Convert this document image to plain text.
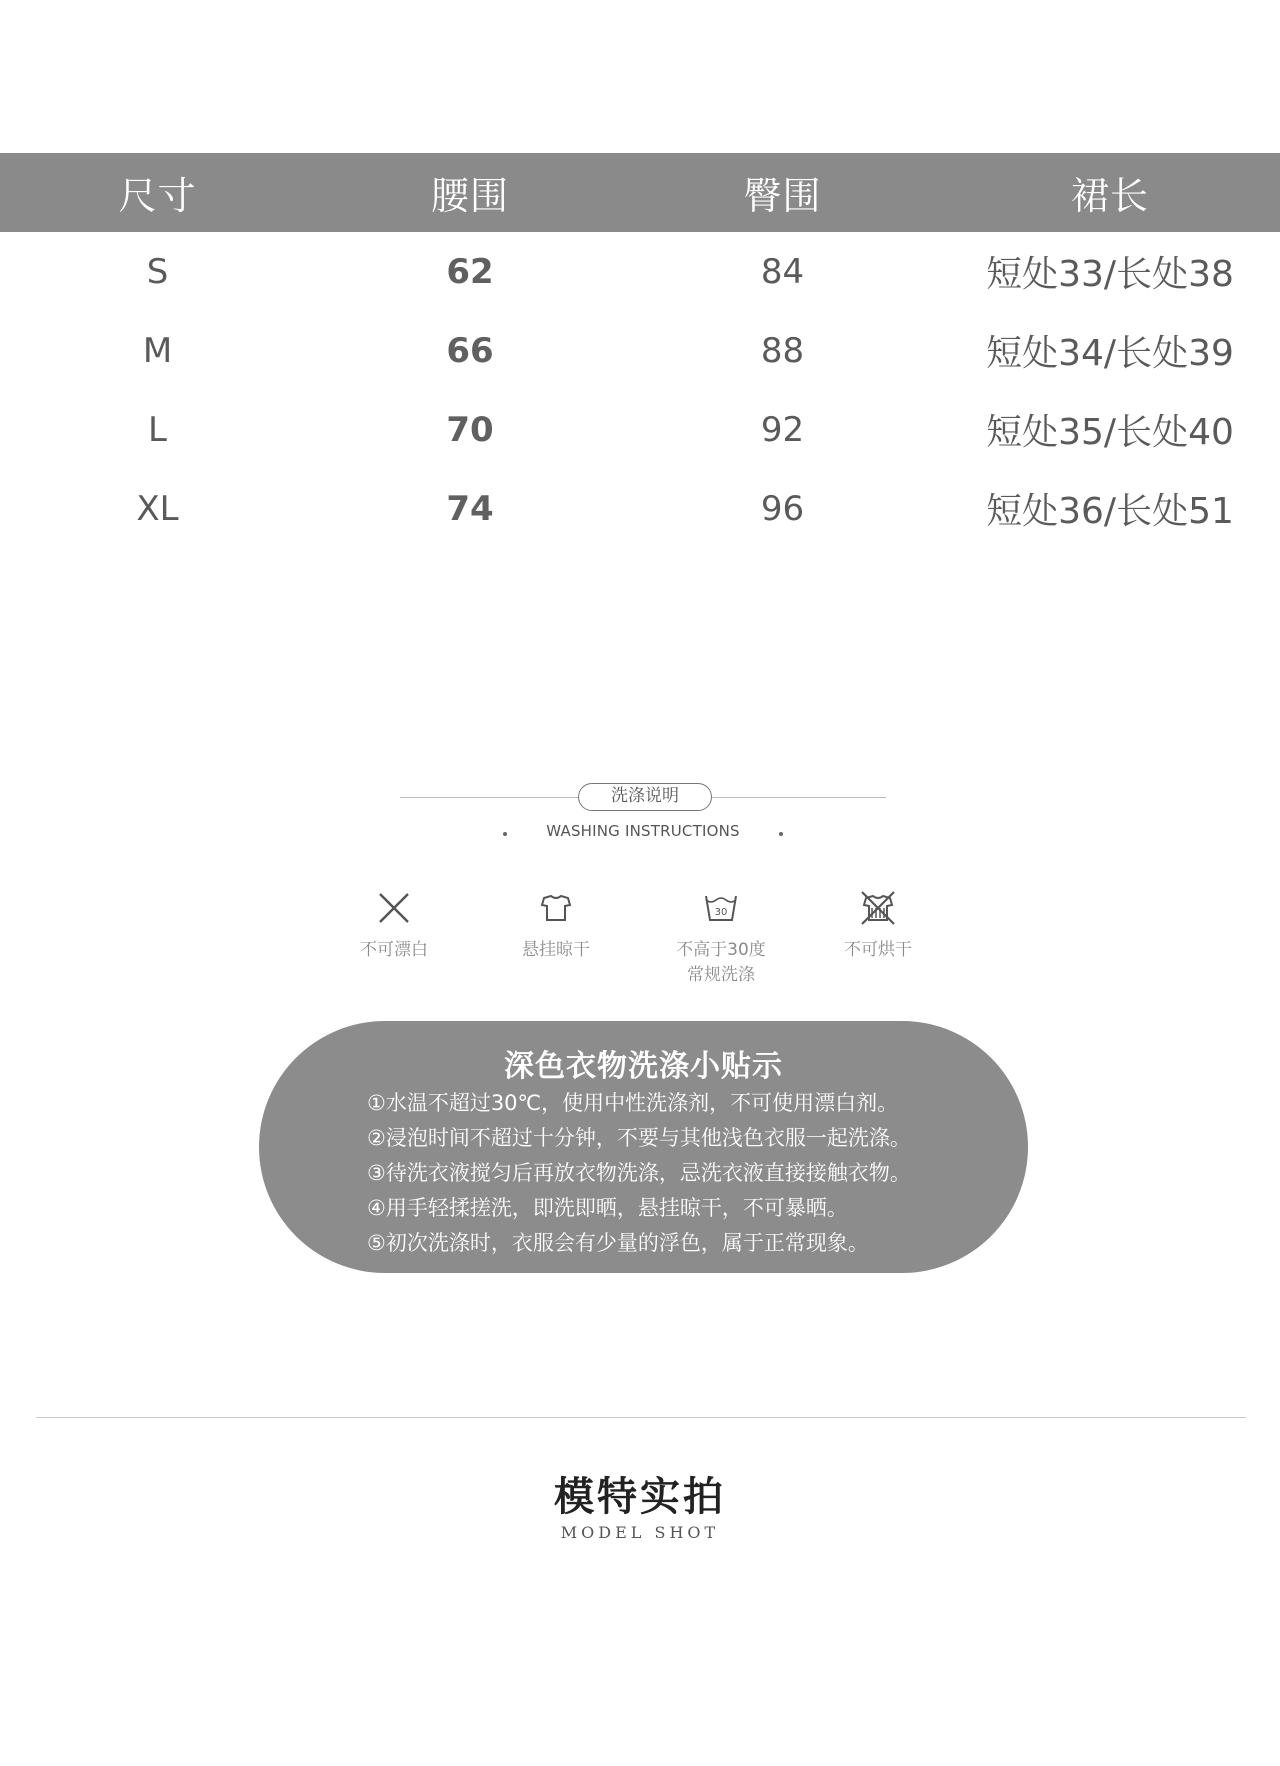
尺寸	腰围	臀围	裙长
S	62	84	短处33/长处38
M	66	88	短处34/长处39
L	70	92	短处35/长处40
XL	74	96	短处36/长处51
洗涤说明
WASHING INSTRUCTIONS
不可漂白	悬挂晾干
30
不高于30度
常规洗涤
不可烘干
深色衣物洗涤小贴示
①水温不超过30℃，使用中性洗涤剂，不可使用漂白剂。
②浸泡时间不超过十分钟，不要与其他浅色衣服一起洗涤。
③待洗衣液搅匀后再放衣物洗涤，忌洗衣液直接接触衣物。
④用手轻揉搓洗，即洗即晒，悬挂晾干，不可暴晒。
⑤初次洗涤时，衣服会有少量的浮色，属于正常现象。
模特实拍
MODEL SHOT
